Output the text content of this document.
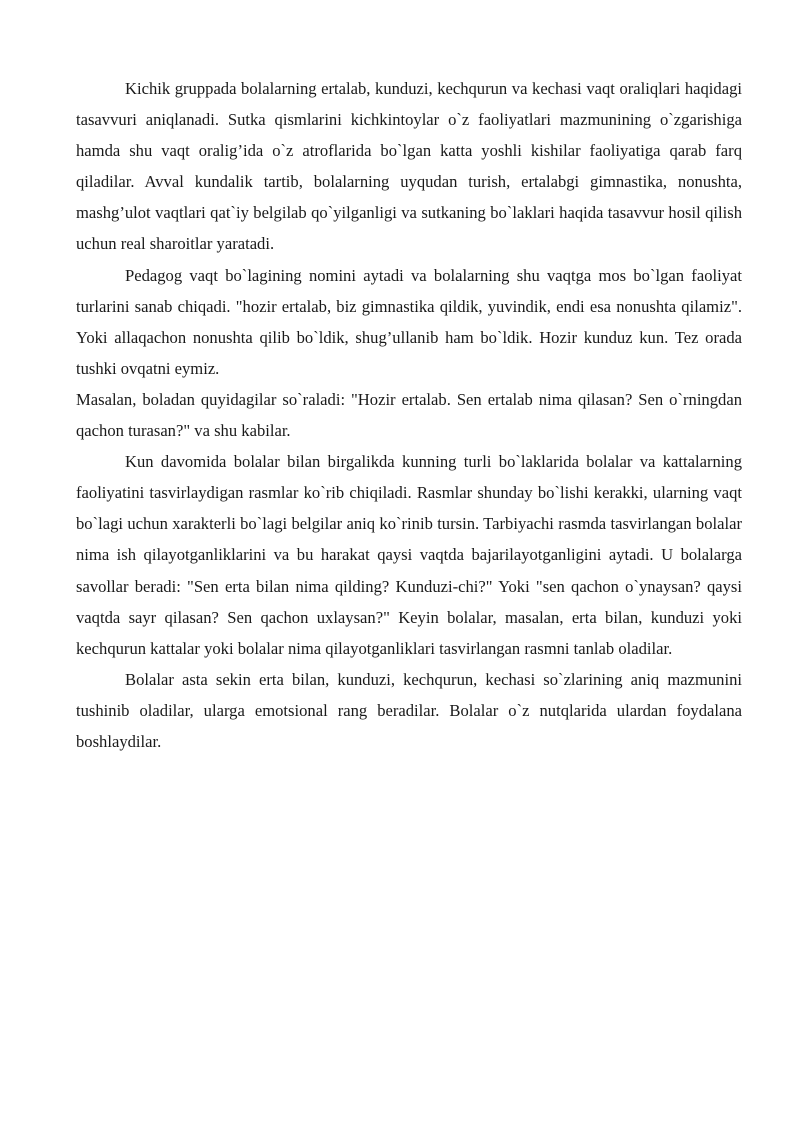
Kichik gruppada bolalarning ertalab, kunduzi, kechqurun va kechasi vaqt oraliqlari haqidagi tasavvuri aniqlanadi. Sutka qismlarini kichkintoylar o`z faoliyatlari mazmunining o`zgarishiga hamda shu vaqt oralig’ida o`z atroflarida bo`lgan katta yoshli kishilar faoliyatiga qarab farq qiladilar. Avval kundalik tartib, bolalarning uyqudan turish, ertalabgi gimnastika, nonushta, mashg’ulot vaqtlari qat`iy belgilab qo`yilganligi va sutkaning bo`laklari haqida tasavvur hosil qilish uchun real sharoitlar yaratadi.

Pedagog vaqt bo`lagining nomini aytadi va bolalarning shu vaqtga mos bo`lgan faoliyat turlarini sanab chiqadi. "hozir ertalab, biz gimnastika qildik, yuvindik, endi esa nonushta qilamiz". Yoki allaqachon nonushta qilib bo`ldik, shug’ullanib ham bo`ldik. Hozir kunduz kun. Tez orada tushki ovqatni eymiz.

Masalan, boladan quyidagilar so`raladi: "Hozir ertalab. Sen ertalab nima qilasan? Sen o`rningdan qachon turasan?" va shu kabilar.

Kun davomida bolalar bilan birgalikda kunning turli bo`laklarida bolalar va kattalarning faoliyatini tasvirlaydigan rasmlar ko`rib chiqiladi. Rasmlar shunday bo`lishi kerakki, ularning vaqt bo`lagi uchun xarakterli bo`lagi belgilar aniq ko`rinib tursin. Tarbiyachi rasmda tasvirlangan bolalar nima ish qilayotganliklarini va bu harakat qaysi vaqtda bajarilayotganligini aytadi. U bolalarga savollar beradi: "Sen erta bilan nima qilding? Kunduzi-chi?" Yoki "sen qachon o`ynaysan? qaysi vaqtda sayr qilasan? Sen qachon uxlaysan?" Keyin bolalar, masalan, erta bilan, kunduzi yoki kechqurun kattalar yoki bolalar nima qilayotganliklari tasvirlangan rasmni tanlab oladilar.

Bolalar asta sekin erta bilan, kunduzi, kechqurun, kechasi so`zlarining aniq mazmunini tushinib oladilar, ularga emotsional rang beradilar. Bolalar o`z nutqlarida ulardan foydalana boshlaydilar.
